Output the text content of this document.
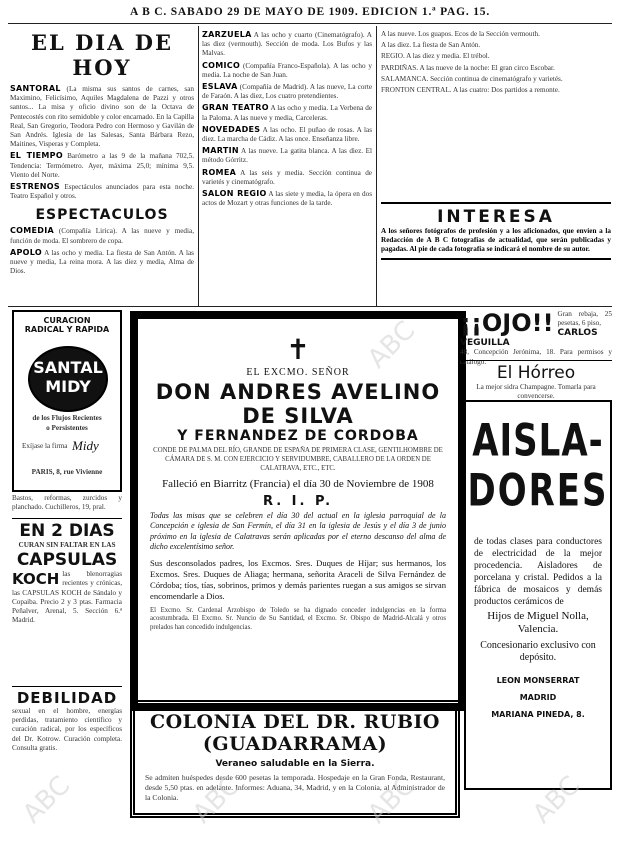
A B C. SABADO 29 DE MAYO DE 1909. EDICION 1.ª PAG. 15.
EL DIA DE HOY

SANTORAL (La misma sus santos de carnes, san Maximino, Felicísimo, Aquiles Magdalena de Pazzi y otros santos... La misa y oficio divino son de la Octava de Pentecostés con rito semidoble y color encarnado. En la Capilla Real, San Gregorio, Teodora Pedro con Hermoso y Gavilán de San Andrés. Iglesia de las Salesas, Santa Bárbara Rezo, Maitines, Visperas y Completa.

EL TIEMPO Barómetro a las 9 de la mañana 702,5. Tendencia: Termómetro. Ayer, máxima 25,0; mínima 9,5. Viento del Norte.

ESTRENOS Espectáculos anunciados para esta noche. Teatro Español y otros.

ESPECTACULOS

COMEDIA (Compañía Lirica). A las nueve y media, función de moda. El sombrero de copa.

APOLO A las ocho y media. La fiesta de San Antón. A las nueve y media, La reina mora. A las diez y media, Alma de Dios.

ZARZUELA A las ocho y cuarto (Cinematógrafo). A las diez (vermouth). Sección de moda. Los Bufos y las Malvas.

COMICO (Compañía Franco-Española). A las ocho y media. La noche de San Juan.

ESLAVA (Compañía de Madrid). A las nueve, La corte de Faraón. A las diez, Los cuatro pretendientes.

GRAN TEATRO A las ocho y media. La Verbena de la Paloma. A las nueve y media, Carceleras.

NOVEDADES A las ocho. El puñao de rosas. A las diez. La marcha de Cádiz. A las once. Enseñanza libre.

MARTIN A las nueve. La gatita blanca. A las diez. El método Górritz.

ROMEA A las seis y media. Sección continua de varietés y cinematógrafo.

SALON REGIO A las siete y media, la ópera en dos actos de Mozart y otras funciones de la tarde.

A las nueve. Los guapos. Ecos de la Sección vermouth.

A las diez. La fiesta de San Antón.

REGIO. A las diez y media. El trébol.

PARDIÑAS. A las nueve de la noche: El gran circo Escobar.

SALAMANCA. Sección continua de cinematógrafo y varietés.

FRONTON CENTRAL. A las cuatro: Dos partidos a remonte.

INTERESA
A los señores fotógrafos de profesión y a los aficionados, que envíen a la Redacción de A B C fotografías de actualidad, que serán publicadas y pagadas. Al pie de cada fotografía se indicará el nombre de su autor.
CURACION
RADICAL Y RAPIDA
SANTAL
MIDY
de los Flujos Recientes
o Persistentes
Exíjase la firma Midy
PARIS, 8, rue Vivienne
Bastos, reformas, zurcidos y planchado. Cuchilleros, 19, pral.
EN 2 DIAS
CURAN SIN FALTAR EN LAS
CAPSULAS
KOCH las blenorragias recientes y crónicas, las CAPSULAS KOCH de Sándalo y Copaiba. Precio 2 y 3 ptas. Farmacia Peñalver, Arenal, 5. Sección 6.ª Madrid.
DEBILIDAD
sexual en el hombre, energías perdidas, tratamiento científico y curación radical, por los específicos del Dr. Kotrow. Curación completa. Consulta gratis.
✝
EL EXCMO. SEÑOR
DON ANDRES AVELINO DE SILVA
Y FERNANDEZ DE CORDOBA
CONDE DE PALMA DEL RÍO, GRANDE DE ESPAÑA DE PRIMERA CLASE, GENTILHOMBRE DE CÁMARA DE S. M. CON EJERCICIO Y SERVIDUMBRE, CABALLERO DE LA ORDEN DE CALATRAVA, ETC., ETC.
Falleció en Biarritz (Francia) el día 30 de Noviembre de 1908
R. I. P.
Todas las misas que se celebren el día 30 del actual en la iglesia parroquial de la Concepción e iglesia de San Fermín, el día 31 en la iglesia de Jesús y el día 3 de junio próximo en la iglesia de Calatravas serán aplicadas por el eterno descanso del alma de dicho excelentísimo señor.
Sus desconsolados padres, los Excmos. Sres. Duques de Híjar; sus hermanos, los Excmos. Sres. Duques de Aliaga; hermana, señorita Araceli de Silva Fernández de Córdoba; tíos, tías, sobrinos, primos y demás parientes ruegan a sus amigos se sirvan encomendarle a Dios.
El Excmo. Sr. Cardenal Arzobispo de Toledo se ha dignado conceder indulgencias en la forma acostumbrada. El Excmo. Sr. Nuncio de Su Santidad, el Excmo. Sr. Obispo de Madrid-Alcalá y otros prelados han concedido indulgencias.
COLONIA DEL DR. RUBIO (GUADARRAMA)
Veraneo saludable en la Sierra.
Se admiten huéspedes desde 600 pesetas la temporada. Hospedaje en la Gran Fonda, Restaurant, desde 5,50 ptas. en adelante. Informes: Aduana, 34, Madrid, y en la Colonia, al Administrador de la Colonia.
¡¡OJO!! Gran rebaja, 25 pesetas, 6 piso,
CARLOS VEGUILLA
48, Concepción Jerónima, 18. Para permisos y catálogo.
El Hórreo
La mejor sidra Champagne. Tomarla para convencerse.
AISLA-
DORES
de todas clases para conductores de electricidad de la mejor procedencia. Aisladores de porcelana y cristal. Pedidos a la fábrica de mosaicos y demás productos cerámicos de
Hijos de Miguel Nolla, Valencia.
Concesionario exclusivo con depósito.
LEON MONSERRAT
MADRID
MARIANA PINEDA, 8.
ABC
ABC
ABC	ABC	ABC
